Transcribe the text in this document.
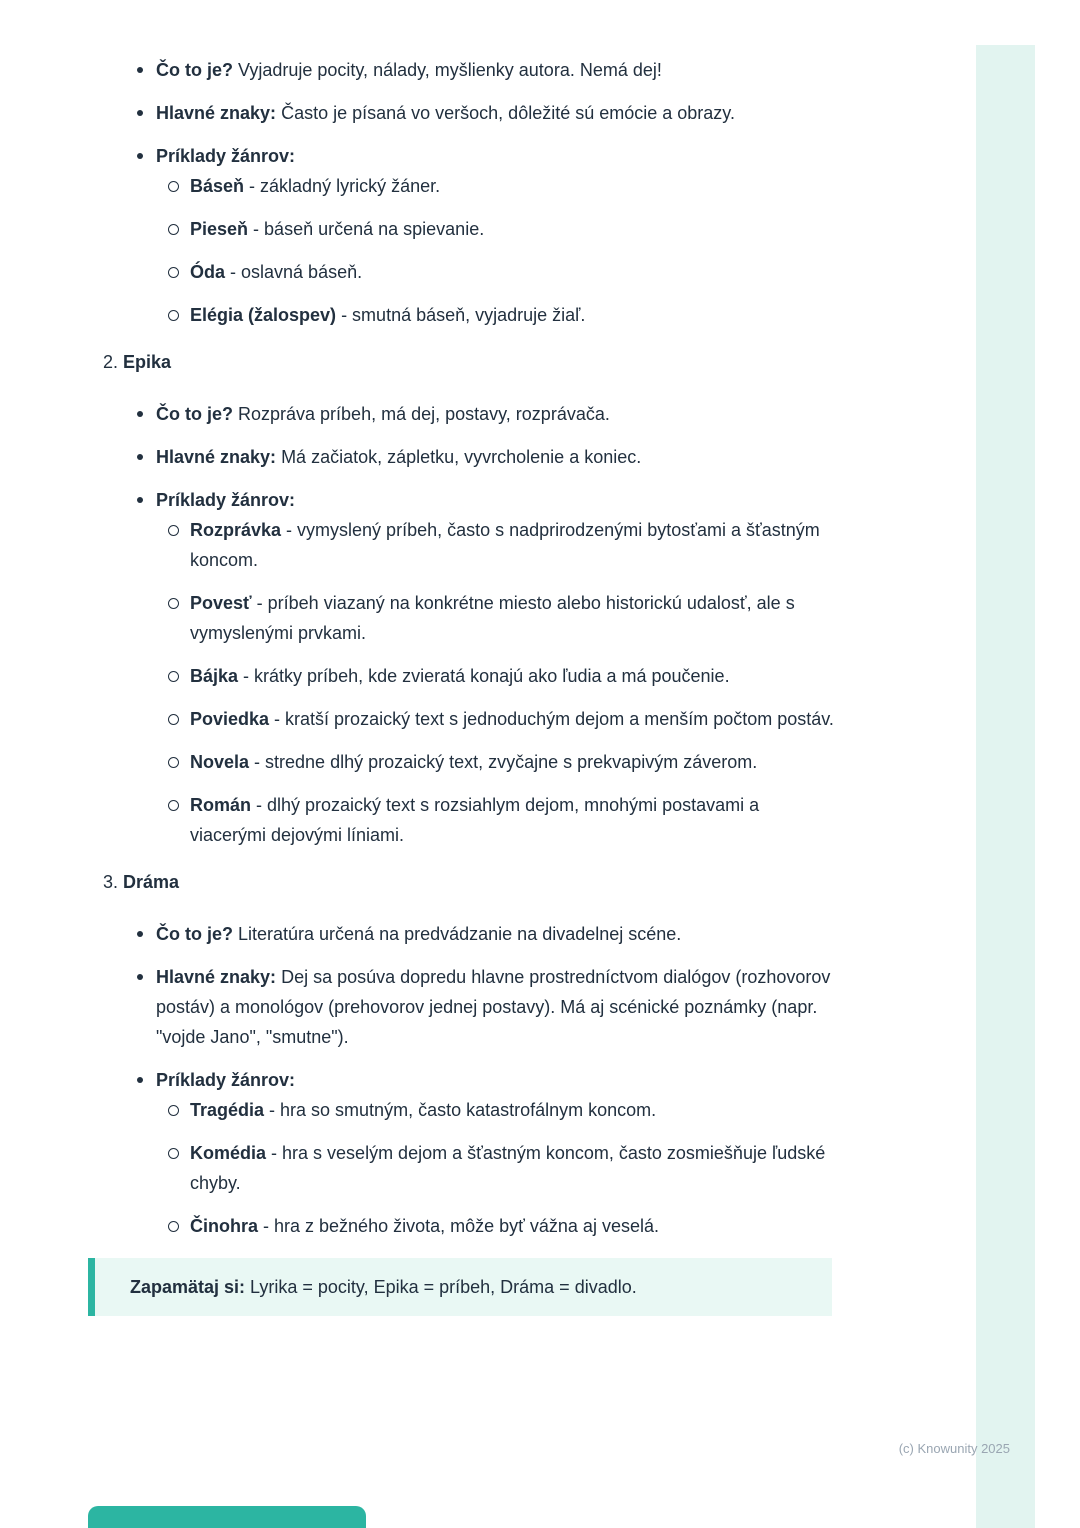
Čo to je? Vyjadruje pocity, nálady, myšlienky autora. Nemá dej!
Hlavné znaky: Často je písaná vo veršoch, dôležité sú emócie a obrazy.
Príklady žánrov:
Báseň - základný lyrický žáner.
Pieseň - báseň určená na spievanie.
Óda - oslavná báseň.
Elégia (žalospev) - smutná báseň, vyjadruje žiaľ.
2. Epika
Čo to je? Rozpráva príbeh, má dej, postavy, rozprávača.
Hlavné znaky: Má začiatok, zápletku, vyvrcholenie a koniec.
Príklady žánrov:
Rozprávka - vymyslený príbeh, často s nadprirodzenými bytosťami a šťastným koncom.
Povesť - príbeh viazaný na konkrétne miesto alebo historickú udalosť, ale s vymyslenými prvkami.
Bájka - krátky príbeh, kde zvieratá konajú ako ľudia a má poučenie.
Poviedka - kratší prozaický text s jednoduchým dejom a menším počtom postáv.
Novela - stredne dlhý prozaický text, zvyčajne s prekvapivým záverom.
Román - dlhý prozaický text s rozsiahlym dejom, mnohými postavami a viacerými dejovými líniami.
3. Dráma
Čo to je? Literatúra určená na predvádzanie na divadelnej scéne.
Hlavné znaky: Dej sa posúva dopredu hlavne prostredníctvom dialógov (rozhovorov postáv) a monológov (prehovorov jednej postavy). Má aj scénické poznámky (napr. "vojde Jano", "smutne").
Príklady žánrov:
Tragédia - hra so smutným, často katastrofálnym koncom.
Komédia - hra s veselým dejom a šťastným koncom, často zosmiešňuje ľudské chyby.
Činohra - hra z bežného života, môže byť vážna aj veselá.
Zapamätaj si: Lyrika = pocity, Epika = príbeh, Dráma = divadlo.
(c) Knowunity 2025
